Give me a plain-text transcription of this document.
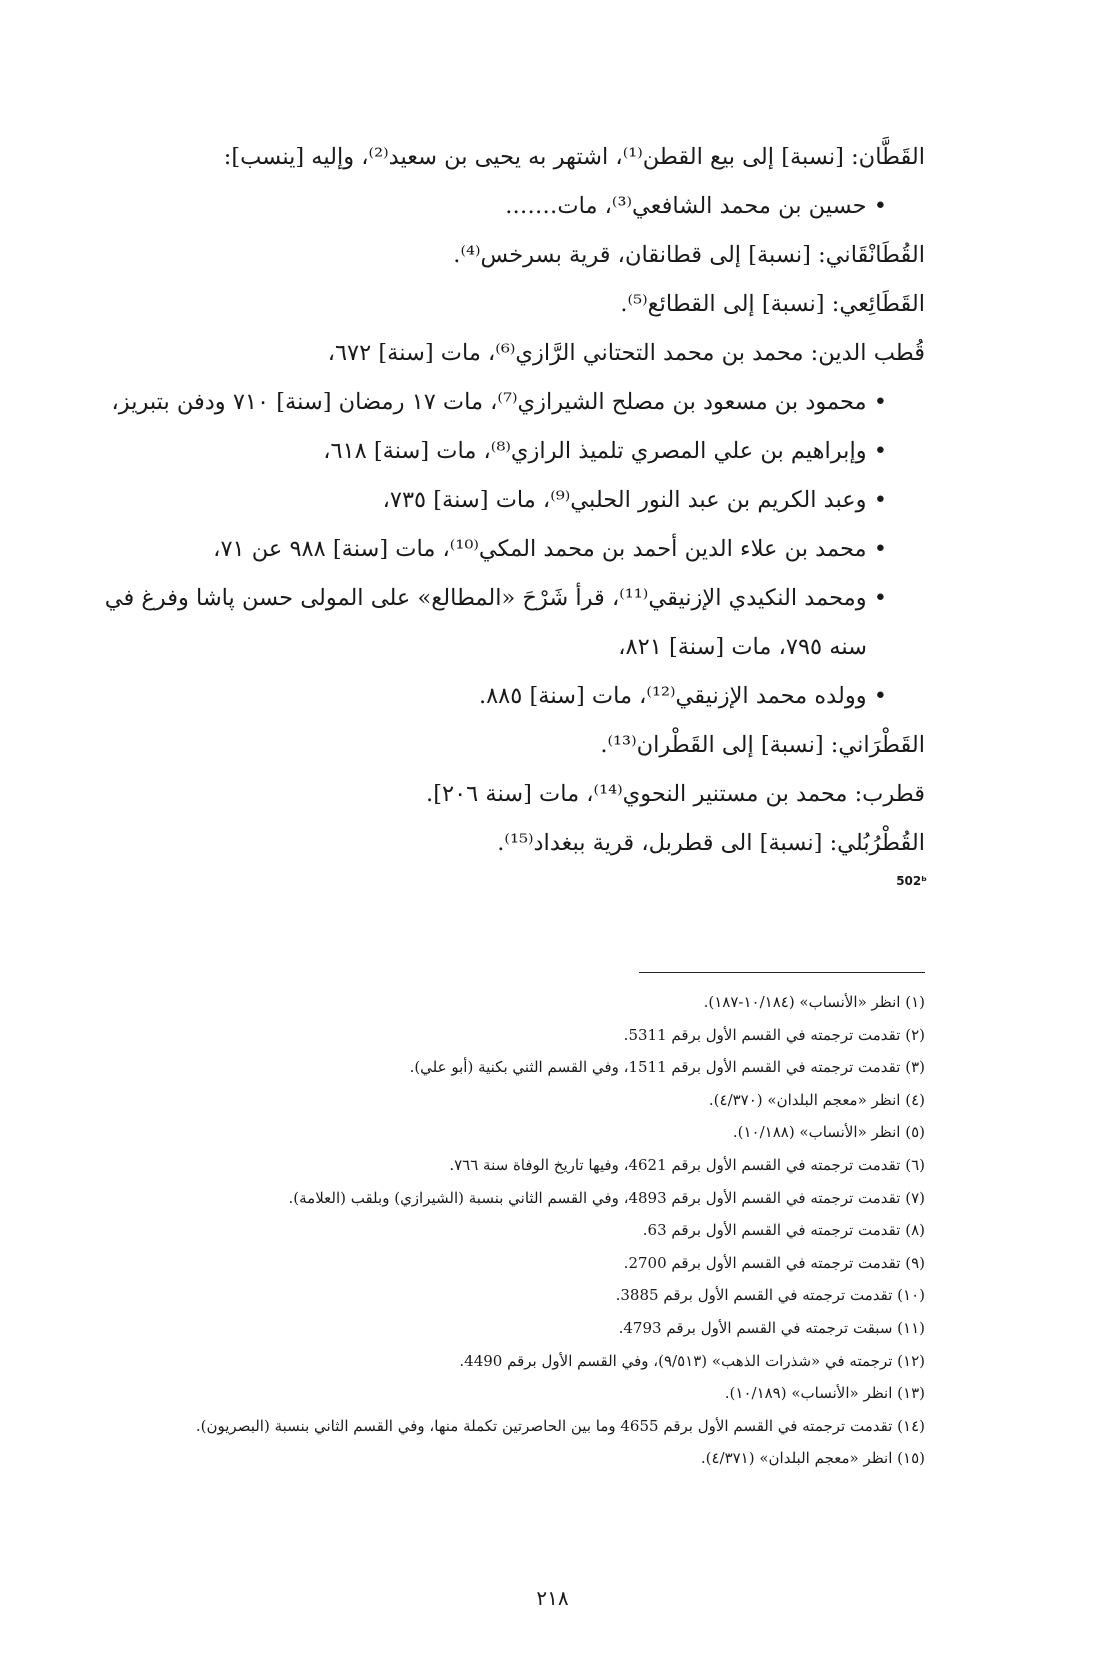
القَطَّان: [نسبة] إلى بيع القطن⁽¹⁾، اشتهر به يحيى بن سعيد⁽²⁾، وإليه [ينسب]:
• حسين بن محمد الشافعي⁽³⁾، مات…….
القُطَانْقَاني: [نسبة] إلى قطانقان، قرية بسرخس⁽⁴⁾.
القَطَائِعي: [نسبة] إلى القطائع⁽⁵⁾.
قُطب الدين: محمد بن محمد التحتاني الرَّازي⁽⁶⁾، مات [سنة] ٦٧٢،
• محمود بن مسعود بن مصلح الشيرازي⁽⁷⁾، مات ١٧ رمضان [سنة] ٧١٠ ودفن بتبريز،
• وإبراهيم بن علي المصري تلميذ الرازي⁽⁸⁾، مات [سنة] ٦١٨،
• وعبد الكريم بن عبد النور الحلبي⁽⁹⁾، مات [سنة] ٧٣٥،
• محمد بن علاء الدين أحمد بن محمد المكي⁽¹⁰⁾، مات [سنة] ٩٨٨ عن ٧١،
• ومحمد النكيدي الإزنيقي⁽¹¹⁾، قرأ شَرْحَ «المطالع» على المولى حسن پاشا وفرغ في
سنه ٧٩٥، مات [سنة] ٨٢١،
• وولده محمد الإزنيقي⁽¹²⁾، مات [سنة] ٨٨٥.
القَطْرَاني: [نسبة] إلى القَطْران⁽¹³⁾.
قطرب: محمد بن مستنير النحوي⁽¹⁴⁾، مات [سنة ٢٠٦].
القُطْرُبُلي: [نسبة] الى قطربل، قرية ببغداد⁽¹⁵⁾.
502ᵇ
(١) انظر «الأنساب» (١٠/١٨٤-١٨٧).
(٢) تقدمت ترجمته في القسم الأول برقم 5311.
(٣) تقدمت ترجمته في القسم الأول برقم 1511، وفي القسم الثني بكنية (أبو علي).
(٤) انظر «معجم البلدان» (٤/٣٧٠).
(٥) انظر «الأنساب» (١٠/١٨٨).
(٦) تقدمت ترجمته في القسم الأول برقم 4621، وفيها تاريخ الوفاة سنة ٧٦٦.
(٧) تقدمت ترجمته في القسم الأول برقم 4893، وفي القسم الثاني بنسبة (الشيرازي) وبلقب (العلامة).
(٨) تقدمت ترجمته في القسم الأول برقم 63.
(٩) تقدمت ترجمته في القسم الأول برقم 2700.
(١٠) تقدمت ترجمته في القسم الأول برقم 3885.
(١١) سبقت ترجمته في القسم الأول برقم 4793.
(١٢) ترجمته في «شذرات الذهب» (٩/٥١٣)، وفي القسم الأول برقم 4490.
(١٣) انظر «الأنساب» (١٠/١٨٩).
(١٤) تقدمت ترجمته في القسم الأول برقم 4655 وما بين الحاصرتين تكملة منها، وفي القسم الثاني بنسبة (البصريون).
(١٥) انظر «معجم البلدان» (٤/٣٧١).
٢١٨
